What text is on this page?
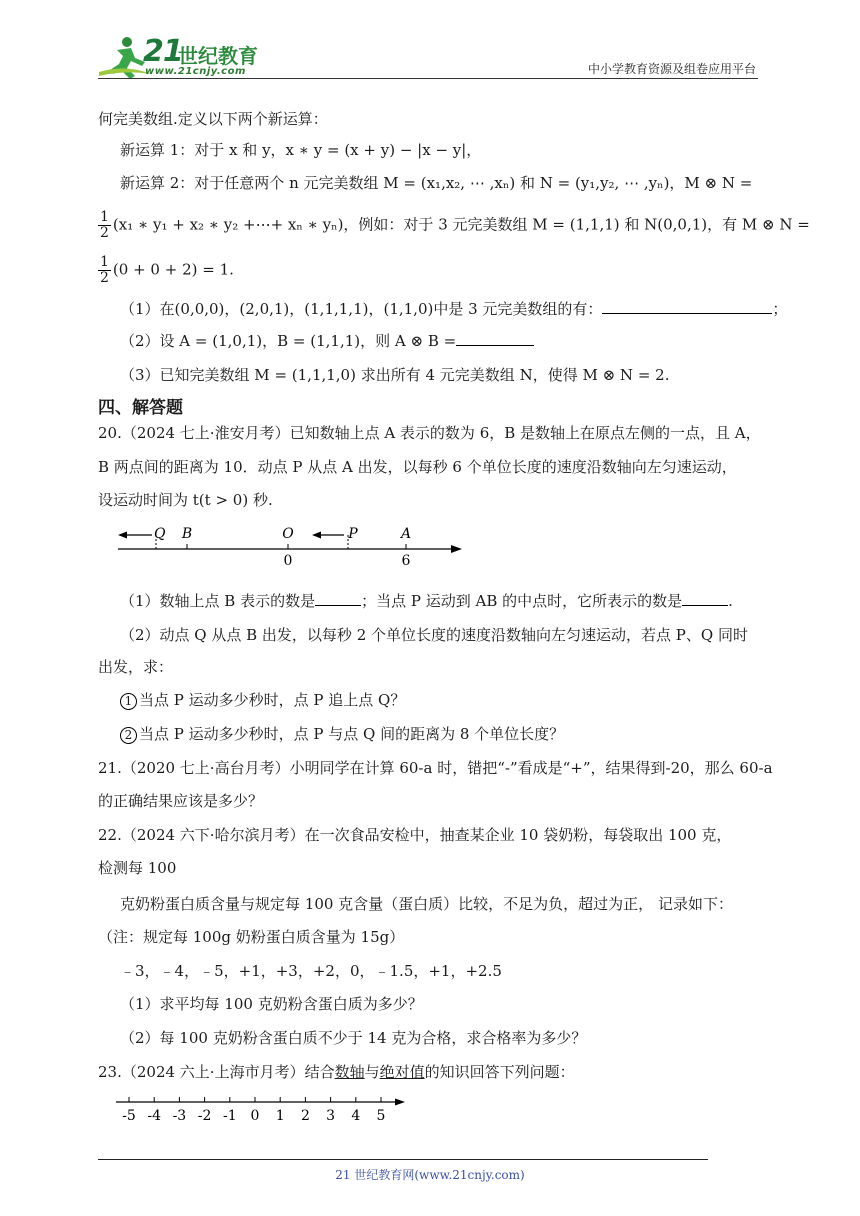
21
世纪教育
www.21cnjy.com	中小学教育资源及组卷应用平台
何完美数组.定义以下两个新运算：
新运算 1：对于 x 和 y，x ∗ y = (x + y) − |x − y|，
新运算 2：对于任意两个 n 元完美数组 M = (x₁,x₂, ⋯ ,xₙ) 和 N = (y₁,y₂, ⋯ ,yₙ)，M ⊗ N =
$\frac{1}{2} (x_1$ ∗ y₁ + x₂ ∗ y₂ +⋯+ xₙ ∗ yₙ)，例如：对于 3 元完美数组 M = (1,1,1) 和 N(0,0,1)，有 M ⊗ N =
$\frac{1}{2} (0 + 0 + 2) = 1$.
（1）在(0,0,0)，(2,0,1)，(1,1,1,1)，(1,1,0)中是 3 元完美数组的有：	；
（2）设 A = (1,0,1)，B = (1,1,1)，则 A ⊗ B =
（3）已知完美数组 M = (1,1,1,0) 求出所有 4 元完美数组 N，使得 M ⊗ N = 2.
四、解答题
20.（2024 七上·淮安月考）已知数轴上点 A 表示的数为 6，B 是数轴上在原点左侧的一点，且 A，
B 两点间的距离为 10．动点 P 从点 A 出发，以每秒 6 个单位长度的速度沿数轴向左匀速运动，
设运动时间为 t(t > 0) 秒.
Q B	O	P	A
0	6
（1）数轴上点 B 表示的数是	；当点 P 运动到 AB 的中点时，它所表示的数是	.
（2）动点 Q 从点 B 出发，以每秒 2 个单位长度的速度沿数轴向左匀速运动，若点 P、Q 同时
出发，求：
1 当点 P 运动多少秒时，点 P 追上点 Q？
2 当点 P 运动多少秒时，点 P 与点 Q 间的距离为 8 个单位长度？
21.（2020 七上·高台月考）小明同学在计算 60-a 时，错把“-”看成是“+”，结果得到-20，那么 60-a
的正确结果应该是多少？
22.（2024 六下·哈尔滨月考）在一次食品安检中，抽查某企业 10 袋奶粉，每袋取出 100 克，
检测每 100
克奶粉蛋白质含量与规定每 100 克含量（蛋白质）比较，不足为负，超过为正， 记录如下：
（注：规定每 100g 奶粉蛋白质含量为 15g）
﹣3，﹣4，﹣5，+1，+3，+2，0，﹣1.5，+1，+2.5
（1）求平均每 100 克奶粉含蛋白质为多少？
（2）每 100 克奶粉含蛋白质不少于 14 克为合格，求合格率为多少？
23.（2024 六上·上海市月考）结合数轴与绝对值的知识回答下列问题：
-5 -4 -3 -2 -1 0 1 2 3 4 5
21 世纪教育网(www.21cnjy.com)
